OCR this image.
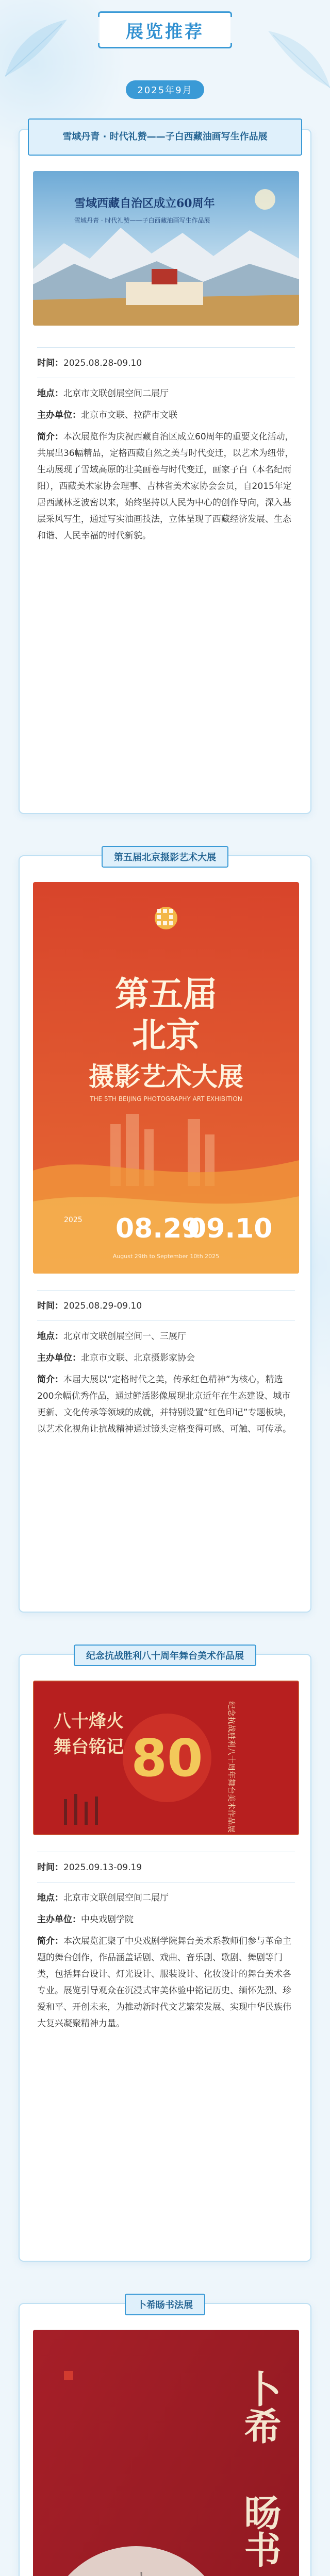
展览推荐
2025年9月
雪域丹青 · 时代礼赞——子白西藏油画写生作品展
雪域西藏自治区成立60周年
雪域丹青 · 时代礼赞——子白西藏油画写生作品展
时间：2025.08.28-09.10
地点：北京市文联创展空间二展厅
主办单位：北京市文联、拉萨市文联
简介：本次展览作为庆祝西藏自治区成立60周年的重要文化活动，共展出36幅精品，定格西藏自然之美与时代变迁，以艺术为纽带，生动展现了雪域高原的壮美画卷与时代变迁，画家子白（本名纪雨阳），西藏美术家协会理事、吉林省美术家协会会员，自2015年定居西藏林芝波密以来，始终坚持以人民为中心的创作导向，深入基层采风写生，通过写实油画技法，立体呈现了西藏经济发展、生态和谐、人民幸福的时代新貌。
第五届北京摄影艺术大展
第五届
北京
摄影艺术大展
THE 5TH BEIJING PHOTOGRAPHY ART EXHIBITION
2025 08.29
09.10
August 29th to September 10th 2025
时间：2025.08.29-09.10
地点：北京市文联创展空间一、三展厅
主办单位：北京市文联、北京摄影家协会
简介：本届大展以“定格时代之美，传承红色精神”为核心，精选200余幅优秀作品，通过鲜活影像展现北京近年在生态建设、城市更新、文化传承等领域的成就，并特别设置“红色印记”专题板块，以艺术化视角让抗战精神通过镜头定格变得可感、可触、可传承。
纪念抗战胜利八十周年舞台美术作品展
八十烽火
舞台铭记 80	纪念抗战胜利八十周年舞台美术作品展
时间：2025.09.13-09.19
地点：北京市文联创展空间二展厅
主办单位：中央戏剧学院
简介：本次展览汇聚了中央戏剧学院舞台美术系教师们参与革命主题的舞台创作，作品涵盖话剧、戏曲、音乐剧、歌剧、舞剧等门类，包括舞台设计、灯光设计、服装设计、化妆设计的舞台美术各专业。展览引导观众在沉浸式审美体验中铭记历史、缅怀先烈、珍爱和平、开创未来，为推动新时代文艺繁荣发展、实现中华民族伟大复兴凝聚精神力量。
卜希旸书法展
卜希
旸书
